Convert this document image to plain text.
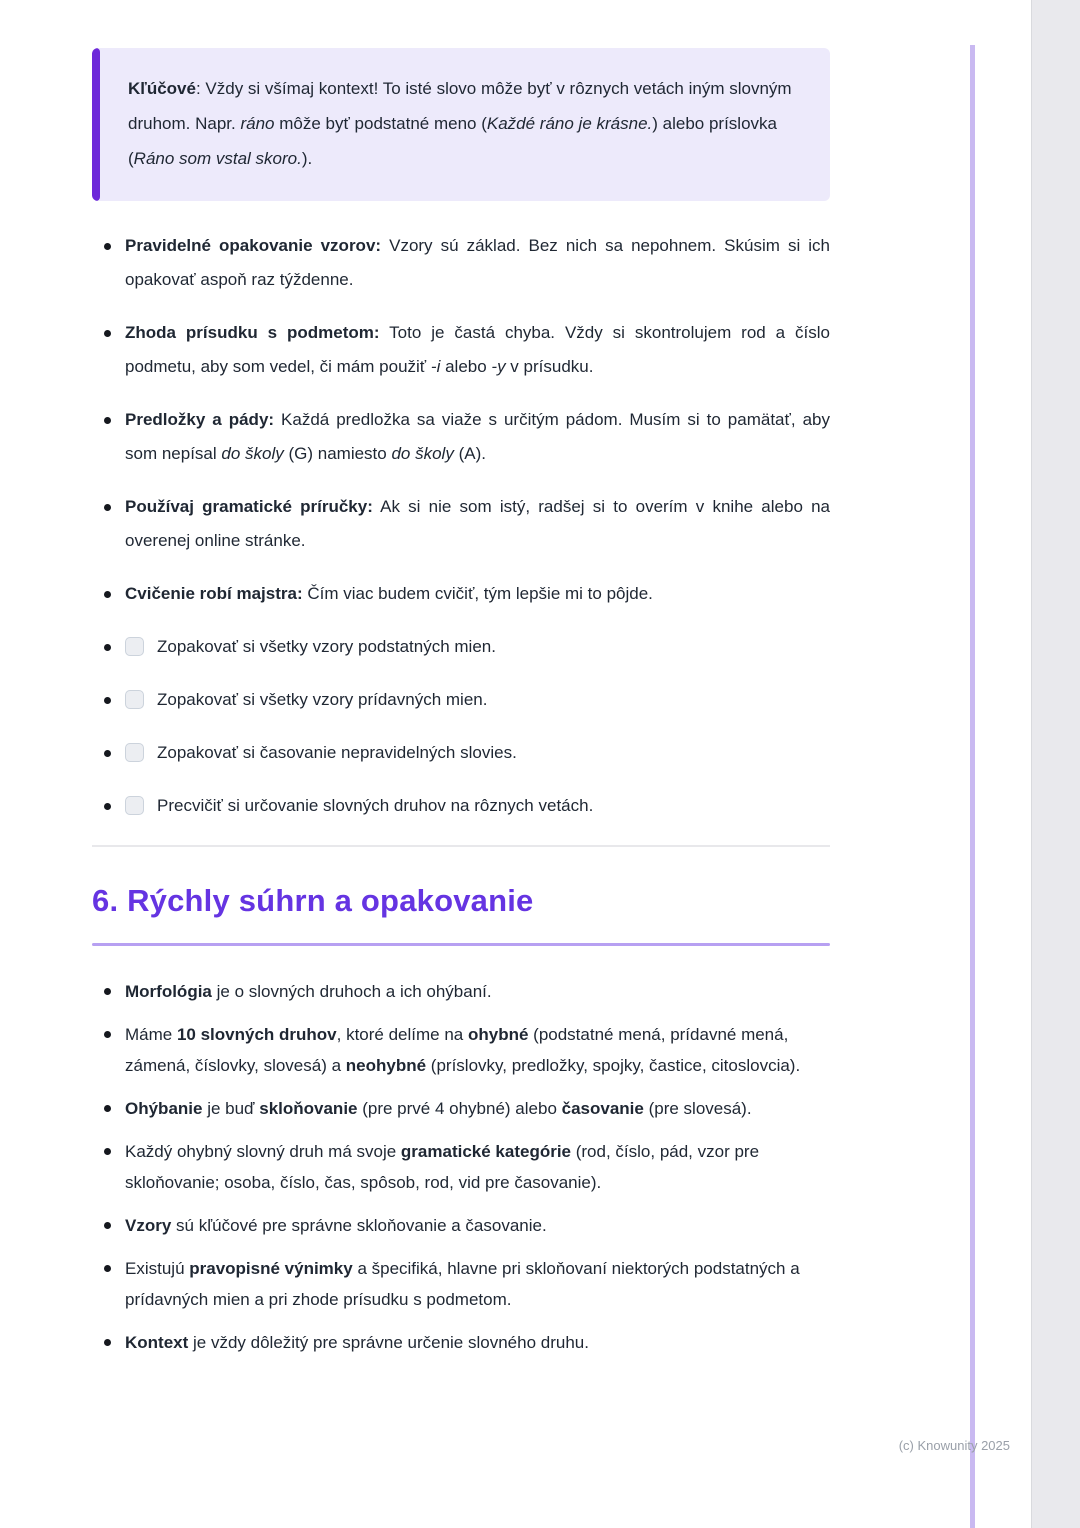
Kľúčové: Vždy si všímaj kontext! To isté slovo môže byť v rôznych vetách iným slovným druhom. Napr. ráno môže byť podstatné meno (Každé ráno je krásne.) alebo príslovka (Ráno som vstal skoro.).

Pravidelné opakovanie vzorov: Vzory sú základ. Bez nich sa nepohnem. Skúsim si ich opakovať aspoň raz týždenne.
Zhoda prísudku s podmetom: Toto je častá chyba. Vždy si skontrolujem rod a číslo podmetu, aby som vedel, či mám použiť -i alebo -y v prísudku.
Predložky a pády: Každá predložka sa viaže s určitým pádom. Musím si to pamätať, aby som nepísal do školy (G) namiesto do školy (A).
Používaj gramatické príručky: Ak si nie som istý, radšej si to overím v knihe alebo na overenej online stránke.
Cvičenie robí majstra: Čím viac budem cvičiť, tým lepšie mi to pôjde.
Zopakovať si všetky vzory podstatných mien.
Zopakovať si všetky vzory prídavných mien.
Zopakovať si časovanie nepravidelných slovies.
Precvičiť si určovanie slovných druhov na rôznych vetách.
6. Rýchly súhrn a opakovanie
Morfológia je o slovných druhoch a ich ohýbaní.
Máme 10 slovných druhov, ktoré delíme na ohybné (podstatné mená, prídavné mená, zámená, číslovky, slovesá) a neohybné (príslovky, predložky, spojky, častice, citoslovcia).
Ohýbanie je buď skloňovanie (pre prvé 4 ohybné) alebo časovanie (pre slovesá).
Každý ohybný slovný druh má svoje gramatické kategórie (rod, číslo, pád, vzor pre skloňovanie; osoba, číslo, čas, spôsob, rod, vid pre časovanie).
Vzory sú kľúčové pre správne skloňovanie a časovanie.
Existujú pravopisné výnimky a špecifiká, hlavne pri skloňovaní niektorých podstatných a prídavných mien a pri zhode prísudku s podmetom.
Kontext je vždy dôležitý pre správne určenie slovného druhu.
(c) Knowunity 2025
